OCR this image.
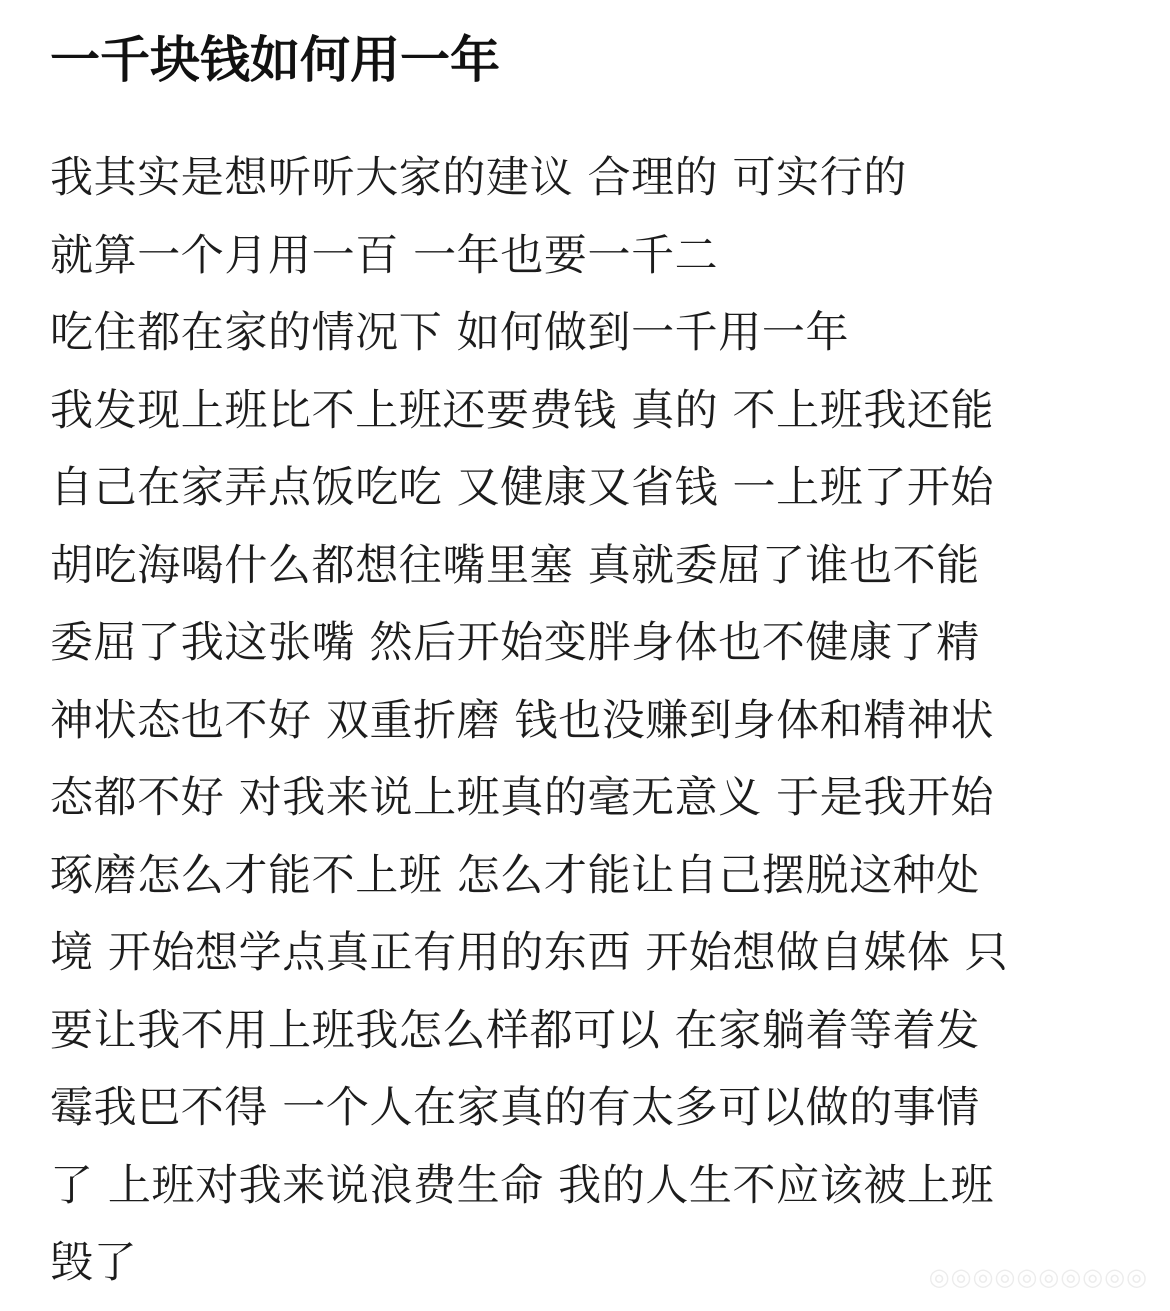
一千块钱如何用一年
我其实是想听听大家的建议 合理的 可实行的
就算一个月用一百 一年也要一千二
吃住都在家的情况下 如何做到一千用一年
我发现上班比不上班还要费钱 真的 不上班我还能
自己在家弄点饭吃吃 又健康又省钱 一上班了开始
胡吃海喝什么都想往嘴里塞 真就委屈了谁也不能
委屈了我这张嘴 然后开始变胖身体也不健康了精
神状态也不好 双重折磨 钱也没赚到身体和精神状
态都不好 对我来说上班真的毫无意义 于是我开始
琢磨怎么才能不上班 怎么才能让自己摆脱这种处
境 开始想学点真正有用的东西 开始想做自媒体 只
要让我不用上班我怎么样都可以 在家躺着等着发
霉我巴不得 一个人在家真的有太多可以做的事情
了 上班对我来说浪费生命 我的人生不应该被上班
毁了	◎◎◎◎◎◎◎◎◎◎
